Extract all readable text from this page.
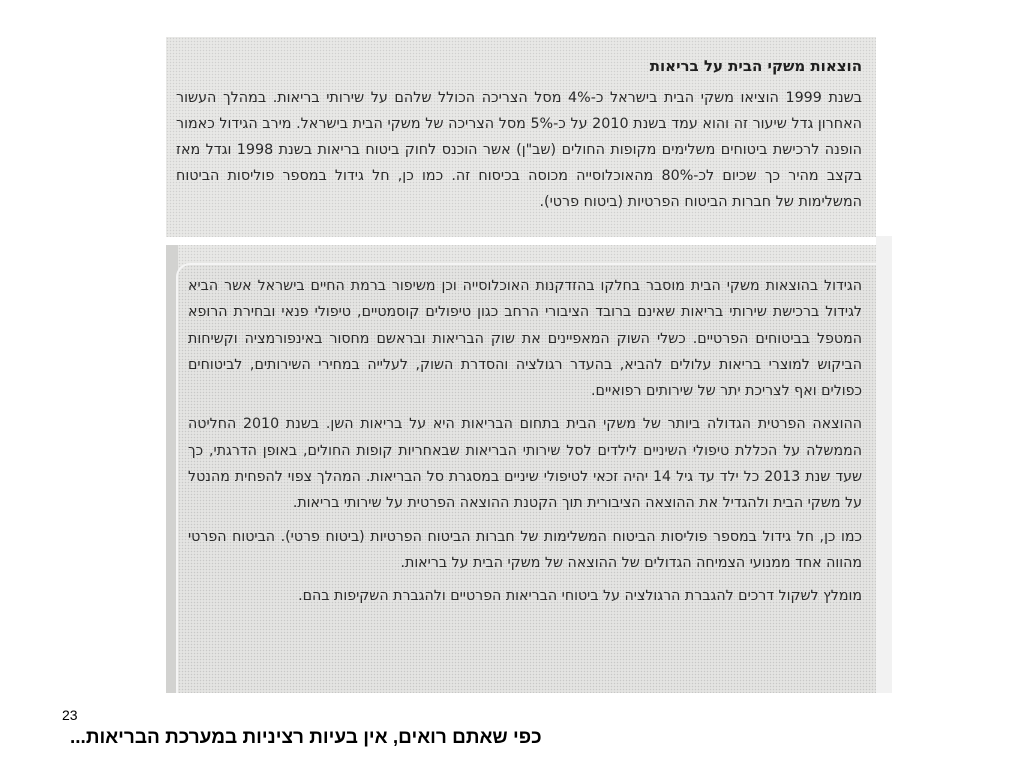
הוצאות משקי הבית על בריאות

בשנת 1999 הוציאו משקי הבית בישראל כ-4% מסל הצריכה הכולל שלהם על שירותי בריאות. במהלך העשור האחרון גדל שיעור זה והוא עמד בשנת 2010 על כ-5% מסל הצריכה של משקי הבית בישראל. מירב הגידול כאמור הופנה לרכישת ביטוחים משלימים מקופות החולים (שב"ן) אשר הוכנס לחוק ביטוח בריאות בשנת 1998 וגדל מאז בקצב מהיר כך שכיום לכ-80% מהאוכלוסייה מכוסה בכיסוח זה. כמו כן, חל גידול במספר פוליסות הביטוח המשלימות של חברות הביטוח הפרטיות (ביטוח פרטי).

הגידול בהוצאות משקי הבית מוסבר בחלקו בהזדקנות האוכלוסייה וכן משיפור ברמת החיים בישראל אשר הביא לגידול ברכישת שירותי בריאות שאינם ברובד הציבורי הרחב כגון טיפולים קוסמטיים, טיפולי פנאי ובחירת הרופא המטפל בביטוחים הפרטיים. כשלי השוק המאפיינים את שוק הבריאות ובראשם מחסור באינפורמציה וקשיחות הביקוש למוצרי בריאות עלולים להביא, בהעדר רגולציה והסדרת השוק, לעלייה במחירי השירותים, לביטוחים כפולים ואף לצריכת יתר של שירותים רפואיים.

ההוצאה הפרטית הגדולה ביותר של משקי הבית בתחום הבריאות היא על בריאות השן. בשנת 2010 החליטה הממשלה על הכללת טיפולי השיניים לילדים לסל שירותי הבריאות שבאחריות קופות החולים, באופן הדרגתי, כך שעד שנת 2013 כל ילד עד גיל 14 יהיה זכאי לטיפולי שיניים במסגרת סל הבריאות. המהלך צפוי להפחית מהנטל על משקי הבית ולהגדיל את ההוצאה הציבורית תוך הקטנת ההוצאה הפרטית על שירותי בריאות.

כמו כן, חל גידול במספר פוליסות הביטוח המשלימות של חברות הביטוח הפרטיות (ביטוח פרטי). הביטוח הפרטי מהווה אחד ממנועי הצמיחה הגדולים של ההוצאה של משקי הבית על בריאות.

מומלץ לשקול דרכים להגברת הרגולציה על ביטוחי הבריאות הפרטיים ולהגברת השקיפות בהם.

23
כפי שאתם רואים, אין בעיות רציניות במערכת הבריאות...
